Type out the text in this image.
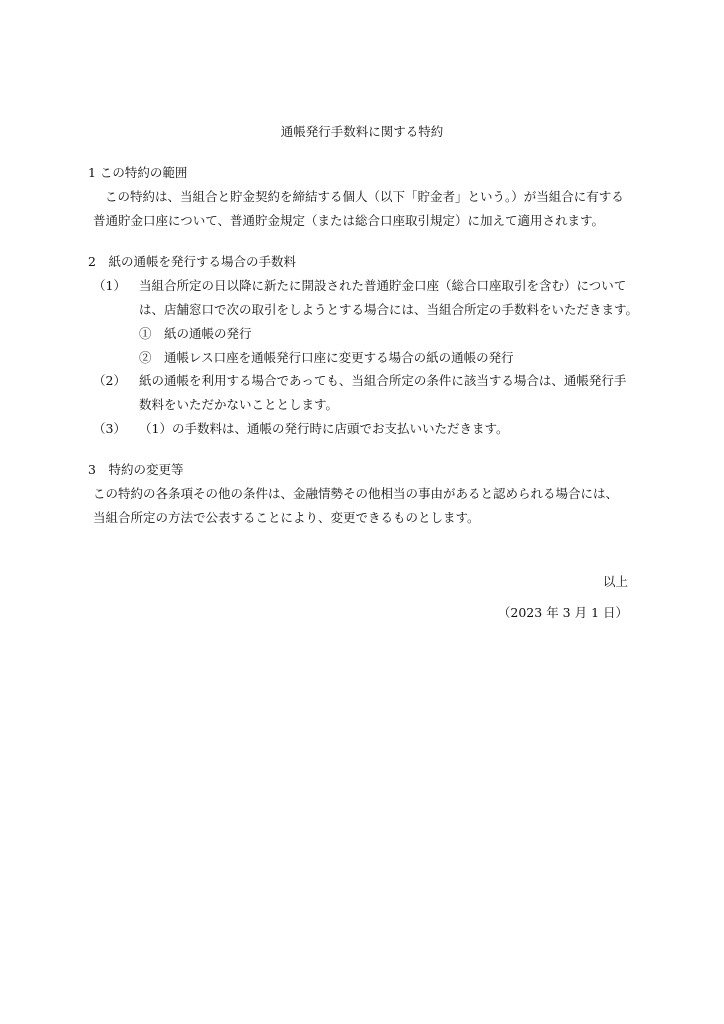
通帳発行手数料に関する特約
1 この特約の範囲
この特約は、当組合と貯金契約を締結する個人（以下「貯金者」という。）が当組合に有する
普通貯金口座について、普通貯金規定（または総合口座取引規定）に加えて適用されます。
2　紙の通帳を発行する場合の手数料
（1） 当組合所定の日以降に新たに開設された普通貯金口座（総合口座取引を含む）について
は、店舗窓口で次の取引をしようとする場合には、当組合所定の手数料をいただきます。
①　紙の通帳の発行
②　通帳レス口座を通帳発行口座に変更する場合の紙の通帳の発行
（2） 紙の通帳を利用する場合であっても、当組合所定の条件に該当する場合は、通帳発行手
数料をいただかないこととします。
（3） （1）の手数料は、通帳の発行時に店頭でお支払いいただきます。
3　特約の変更等
この特約の各条項その他の条件は、金融情勢その他相当の事由があると認められる場合には、
当組合所定の方法で公表することにより、変更できるものとします。
以上
（2023 年 3 月 1 日）
